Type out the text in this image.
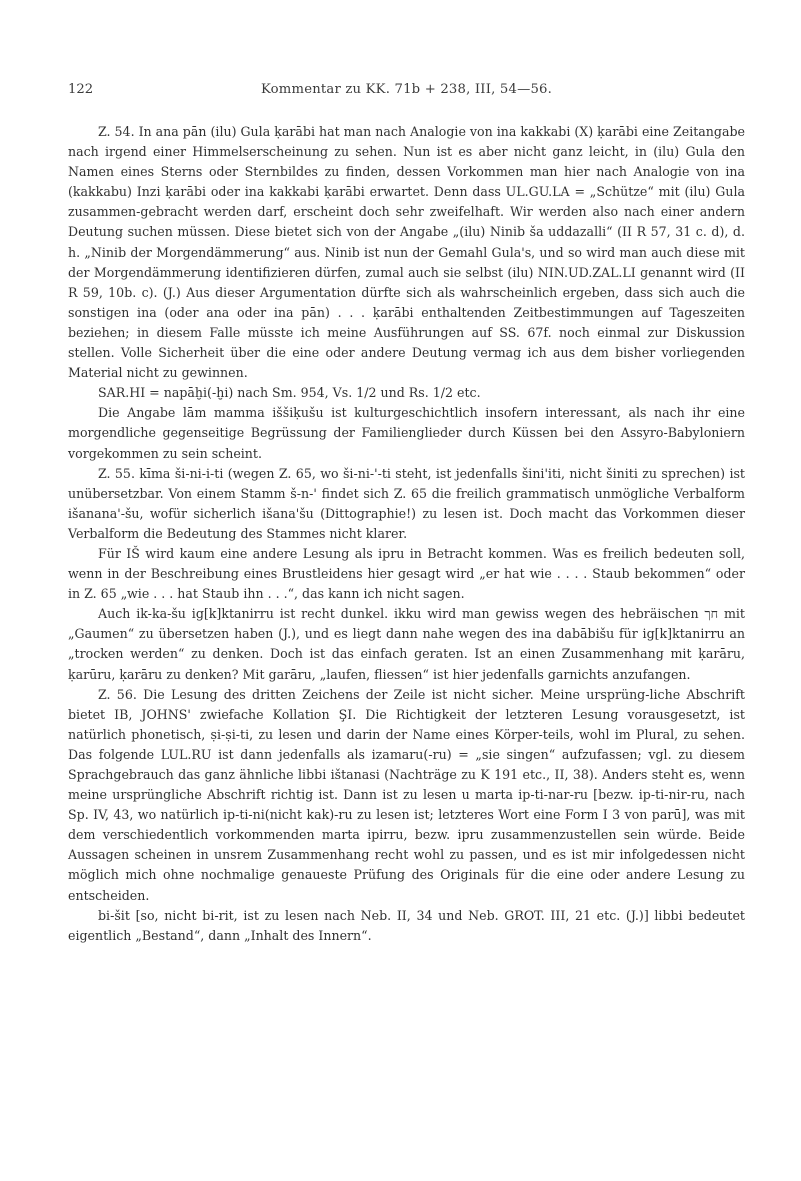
122	Kommentar zu KK. 71b + 238, III, 54—56.

Z. 54. In ana pān (ilu) Gula ḳarābi hat man nach Analogie von ina kakkabi (X) ḳarābi eine Zeitangabe nach irgend einer Himmelserscheinung zu sehen. Nun ist es aber nicht ganz leicht, in (ilu) Gula den Namen eines Sterns oder Sternbildes zu finden, dessen Vorkommen man hier nach Analogie von ina (kakkabu) Inzi ḳarābi oder ina kakkabi ḳarābi erwartet. Denn dass UL.GU.LA = „Schütze“ mit (ilu) Gula zusammen-gebracht werden darf, erscheint doch sehr zweifelhaft. Wir werden also nach einer andern Deutung suchen müssen. Diese bietet sich von der Angabe „(ilu) Ninib ša uddazalli“ (II R 57, 31 c. d), d. h. „Ninib der Morgendämmerung“ aus. Ninib ist nun der Gemahl Gula's, und so wird man auch diese mit der Morgendämmerung identifizieren dürfen, zumal auch sie selbst (ilu) NIN.UD.ZAL.LI genannt wird (II R 59, 10b. c). (J.) Aus dieser Argumentation dürfte sich als wahrscheinlich ergeben, dass sich auch die sonstigen ina (oder ana oder ina pān) . . . ḳarābi enthaltenden Zeitbestimmungen auf Tageszeiten beziehen; in diesem Falle müsste ich meine Ausführungen auf SS. 67f. noch einmal zur Diskussion stellen. Volle Sicherheit über die eine oder andere Deutung vermag ich aus dem bisher vorliegenden Material nicht zu gewinnen.

SAR.HI = napāḫi(-ḫi) nach Sm. 954, Vs. 1/2 und Rs. 1/2 etc.

Die Angabe lām mamma iššiḳušu ist kulturgeschichtlich insofern interessant, als nach ihr eine morgendliche gegenseitige Begrüssung der Familienglieder durch Küssen bei den Assyro-Babyloniern vorgekommen zu sein scheint.

Z. 55. kīma ši-ni-i-ti (wegen Z. 65, wo ši-ni-'-ti steht, ist jedenfalls šini'iti, nicht šiniti zu sprechen) ist unübersetzbar. Von einem Stamm š-n-' findet sich Z. 65 die freilich grammatisch unmögliche Verbalform išanana'-šu, wofür sicherlich išana'šu (Dittographie!) zu lesen ist. Doch macht das Vorkommen dieser Verbalform die Bedeutung des Stammes nicht klarer.

Für IŠ wird kaum eine andere Lesung als ipru in Betracht kommen. Was es freilich bedeuten soll, wenn in der Beschreibung eines Brustleidens hier gesagt wird „er hat wie . . . . Staub bekommen“ oder in Z. 65 „wie . . . hat Staub ihn . . .“, das kann ich nicht sagen.

Auch ik-ka-šu ig[k]ktanirru ist recht dunkel. ikku wird man gewiss wegen des hebräischen חך mit „Gaumen“ zu übersetzen haben (J.), und es liegt dann nahe wegen des ina dabābišu für ig[k]ktanirru an „trocken werden“ zu denken. Doch ist das einfach geraten. Ist an einen Zusammenhang mit ḳarāru, ḳarūru, ḳarāru zu denken? Mit garāru, „laufen, fliessen“ ist hier jedenfalls garnichts anzufangen.

Z. 56. Die Lesung des dritten Zeichens der Zeile ist nicht sicher. Meine ursprüng-liche Abschrift bietet IB, JOHNS' zwiefache Kollation ŞI. Die Richtigkeit der letzteren Lesung vorausgesetzt, ist natürlich phonetisch, ṣi-ṣi-ti, zu lesen und darin der Name eines Körper-teils, wohl im Plural, zu sehen. Das folgende LUL.RU ist dann jedenfalls als izamaru(-ru) = „sie singen“ aufzufassen; vgl. zu diesem Sprachgebrauch das ganz ähnliche libbi ištanasi (Nachträge zu K 191 etc., II, 38). Anders steht es, wenn meine ursprüngliche Abschrift richtig ist. Dann ist zu lesen u marta ip-ti-nar-ru [bezw. ip-ti-nir-ru, nach Sp. IV, 43, wo natürlich ip-ti-ni(nicht kak)-ru zu lesen ist; letzteres Wort eine Form I 3 von parū], was mit dem verschiedentlich vorkommenden marta ipirru, bezw. ipru zusammenzustellen sein würde. Beide Aussagen scheinen in unsrem Zusammenhang recht wohl zu passen, und es ist mir infolgedessen nicht möglich mich ohne nochmalige genaueste Prüfung des Originals für die eine oder andere Lesung zu entscheiden.

bi-šit [so, nicht bi-rit, ist zu lesen nach Neb. II, 34 und Neb. GROT. III, 21 etc. (J.)] libbi bedeutet eigentlich „Bestand“, dann „Inhalt des Innern“.
